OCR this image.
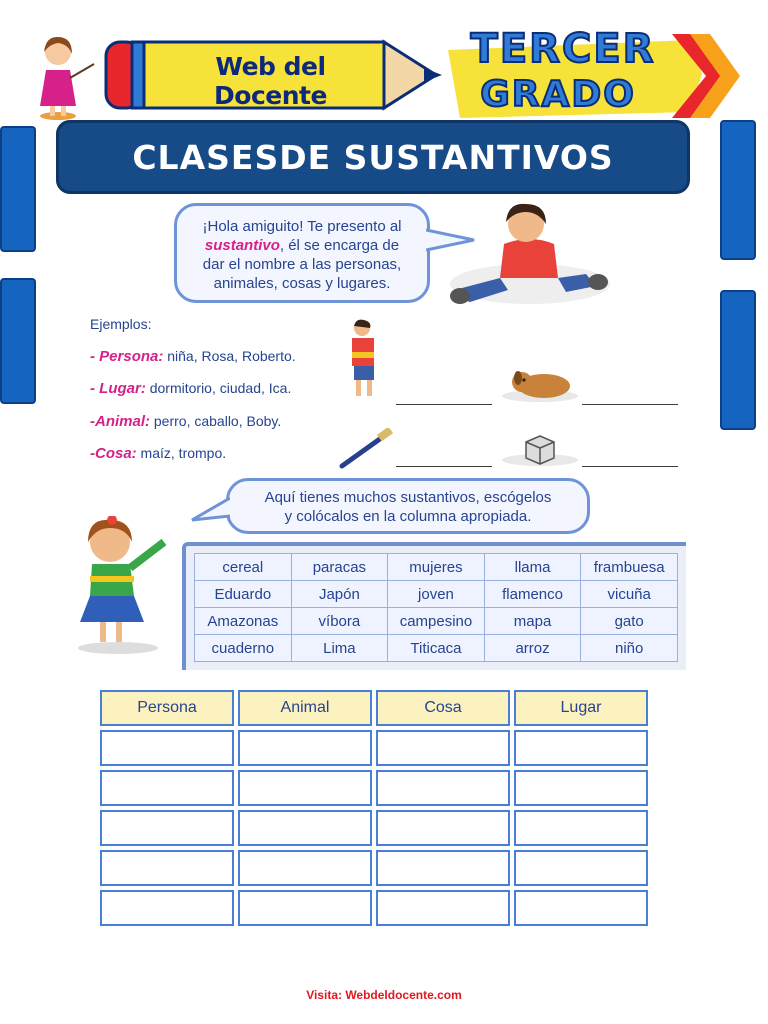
Web del Docente
TERCER
GRADO
CLASESDE SUSTANTIVOS
¡Hola amiguito! Te presento al
sustantivo, él se encarga de
dar el nombre a las personas,
animales, cosas y lugares.
Ejemplos:
- Persona: niña, Rosa, Roberto.
- Lugar: dormitorio, ciudad, Ica.
-Animal: perro, caballo, Boby.
-Cosa: maíz, trompo.
Aquí tienes muchos sustantivos, escógelos
y colócalos en la columna apropiada.
cereal	paracas	mujeres	llama	frambuesa
Eduardo	Japón	joven	flamenco	vicuña
Amazonas	víbora	campesino	mapa	gato
cuaderno	Lima	Titicaca	arroz	niño
Persona	Animal	Cosa	Lugar

Visita: Webdeldocente.com
